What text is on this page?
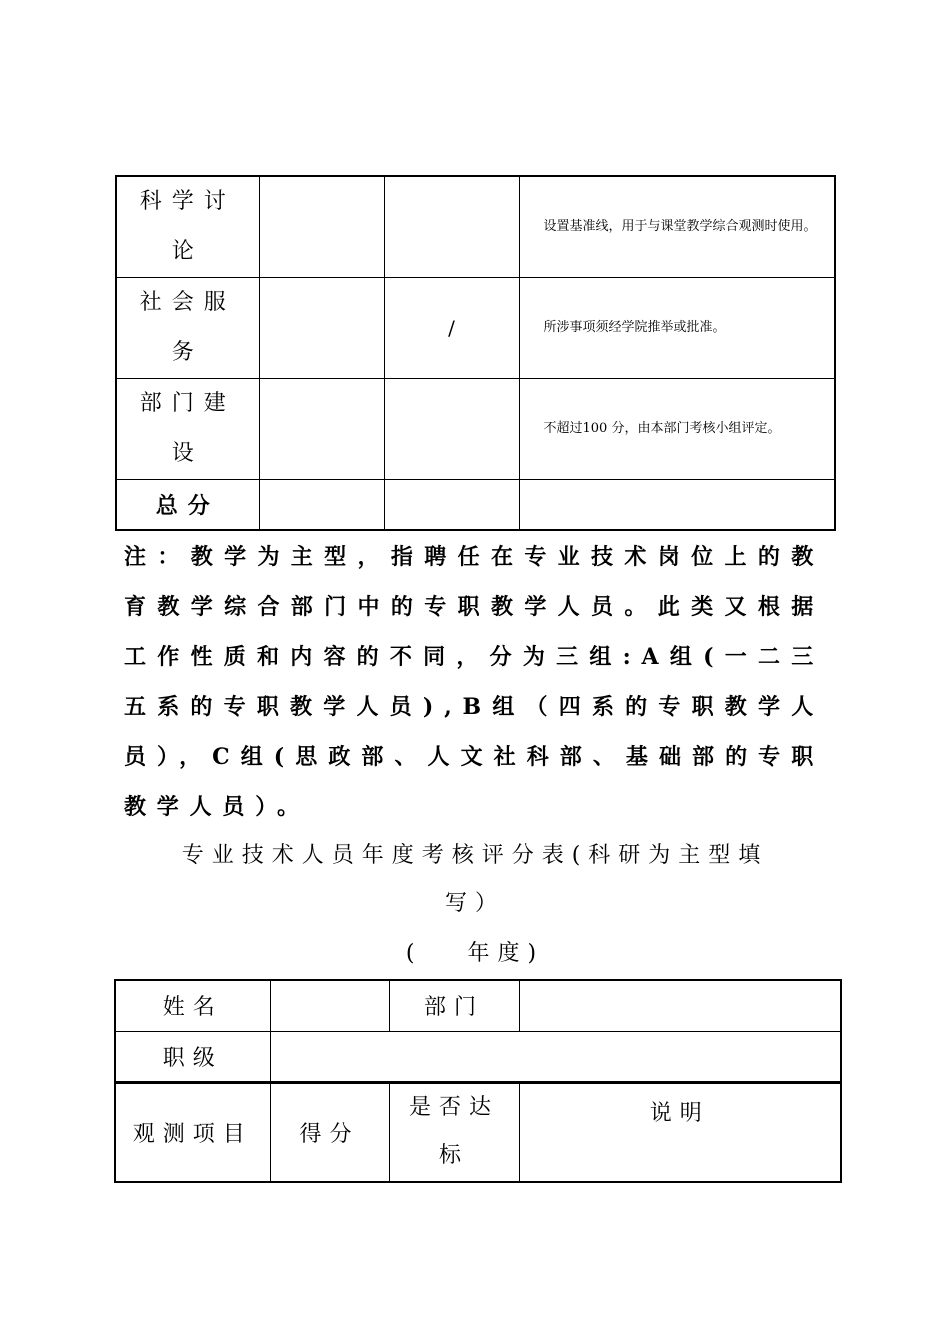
科学讨
论			设置基准线，用于与课堂教学综合观测时使用。

社会服
务		/	所涉事项须经学院推举或批准。

部门建
设			不超过100 分，由本部门考核小组评定。
总分			
注：教学为主型，指聘任在专业技术岗位上的教育教学综合部门中的专职教学人员。此类又根据工作性质和内容的不同，分为三组:A组(一二三五系的专职教学人员),B组（四系的专职教学人员），C组(思政部、人文社科部、基础部的专职教学人员）。
专业技术人员年度考核评分表(科研为主型填
写）
(　 年度)
姓名		部门	
职级			
观测项目	得分	是否达
标	说明
